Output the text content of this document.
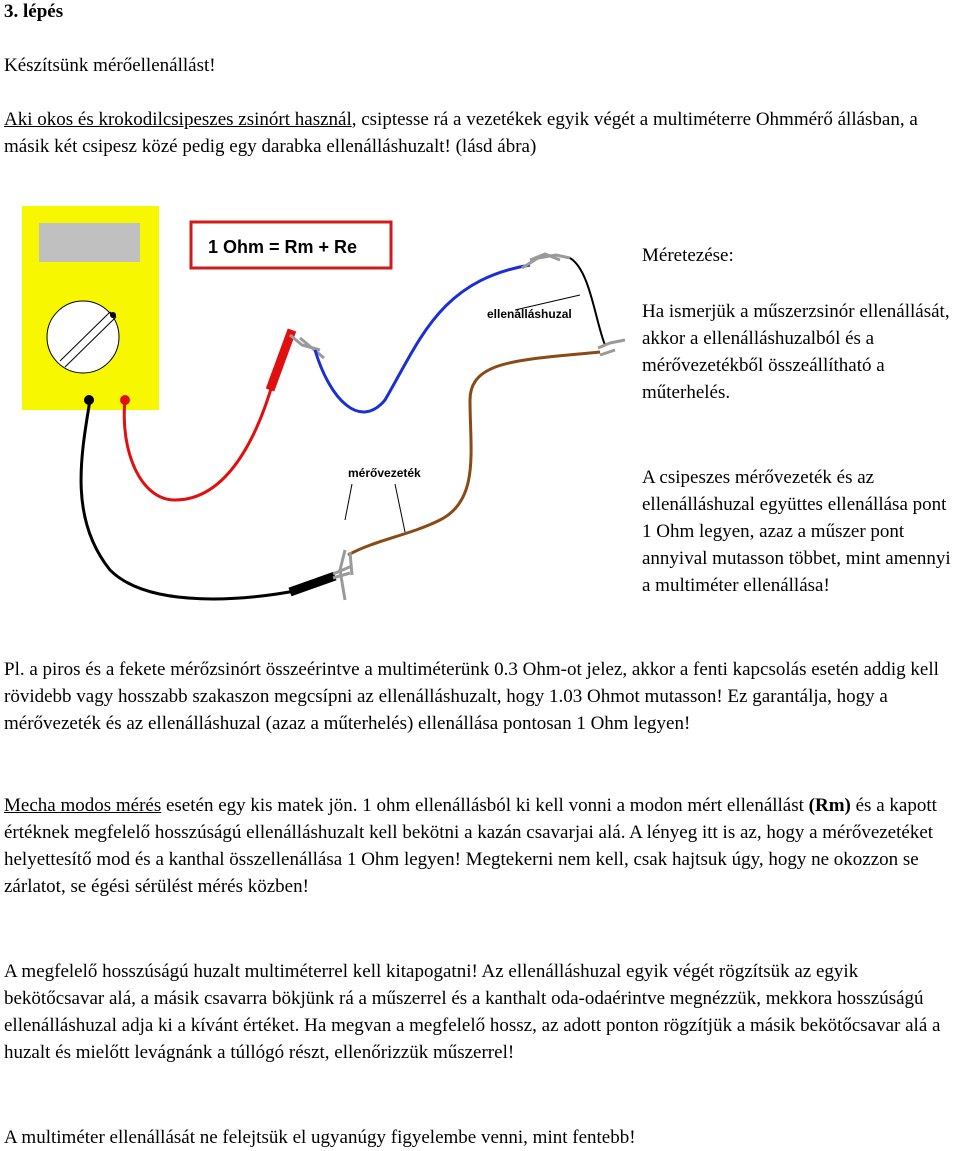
3. lépés

Készítsünk mérőellenállást!

Aki okos és krokodilcsipeszes zsinórt használ, csiptesse rá a vezetékek egyik végét a multiméterre Ohmmérő állásban, a másik két csipesz közé pedig egy darabka ellenálláshuzalt! (lásd ábra)

1 Ohm = Rm + Re
ellenálláshuzal
mérővezeték

Méretezése:

Ha ismerjük a műszerzsinór ellenállását, akkor a ellenálláshuzalból és a mérővezetékből összeállítható a műterhelés.

A csipeszes mérővezeték és az ellenálláshuzal együttes ellenállása pont 1 Ohm legyen, azaz a műszer pont annyival mutasson többet, mint amennyi a multiméter ellenállása!

Pl. a piros és a fekete mérőzsinórt összeérintve a multiméterünk 0.3 Ohm-ot jelez, akkor a fenti kapcsolás esetén addig kell rövidebb vagy hosszabb szakaszon megcsípni az ellenálláshuzalt, hogy 1.03 Ohmot mutasson! Ez garantálja, hogy a mérővezeték és az ellenálláshuzal (azaz a műterhelés) ellenállása pontosan 1 Ohm legyen!

Mecha modos mérés esetén egy kis matek jön. 1 ohm ellenállásból ki kell vonni a modon mért ellenállást (Rm) és a kapott értéknek megfelelő hosszúságú ellenálláshuzalt kell bekötni a kazán csavarjai alá. A lényeg itt is az, hogy a mérővezetéket helyettesítő mod és a kanthal összellenállása 1 Ohm legyen! Megtekerni nem kell, csak hajtsuk úgy, hogy ne okozzon se zárlatot, se égési sérülést mérés közben!

A megfelelő hosszúságú huzalt multiméterrel kell kitapogatni! Az ellenálláshuzal egyik végét rögzítsük az egyik bekötőcsavar alá, a másik csavarra bökjünk rá a műszerrel és a kanthalt oda-odaérintve megnézzük, mekkora hosszúságú ellenálláshuzal adja ki a kívánt értéket. Ha megvan a megfelelő hossz, az adott ponton rögzítjük a másik bekötőcsavar alá a huzalt és mielőtt levágnánk a túllógó részt, ellenőrizzük műszerrel!

A multiméter ellenállását ne felejtsük el ugyanúgy figyelembe venni, mint fentebb!
